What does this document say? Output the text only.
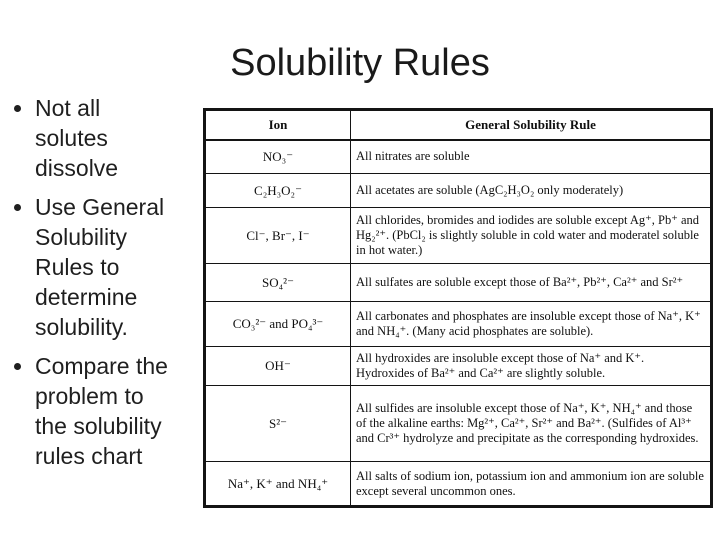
Solubility Rules
• Not all
solutes
dissolve
• Use General
Solubility
Rules to
determine
solubility.
• Compare the
problem to
the solubility
rules chart
Ion	General Solubility Rule
NO₃⁻	All nitrates are soluble
C₂H₃O₂⁻	All acetates are soluble (AgC₂H₃O₂ only moderately)
Cl⁻, Br⁻, I⁻	All chlorides, bromides and iodides are soluble except Ag⁺, Pb⁺ and Hg₂²⁺. (PbCl₂ is slightly soluble in cold water and moderatel soluble in hot water.)
SO₄²⁻	All sulfates are soluble except those of Ba²⁺, Pb²⁺, Ca²⁺ and Sr²⁺
CO₃²⁻ and PO₄³⁻	All carbonates and phosphates are insoluble except those of Na⁺, K⁺ and NH₄⁺. (Many acid phosphates are soluble).
OH⁻	All hydroxides are insoluble except those of Na⁺ and K⁺. Hydroxides of Ba²⁺ and Ca²⁺ are slightly soluble.
S²⁻	All sulfides are insoluble except those of Na⁺, K⁺, NH₄⁺ and those of the alkaline earths: Mg²⁺, Ca²⁺, Sr²⁺ and Ba²⁺. (Sulfides of Al³⁺ and Cr³⁺ hydrolyze and precipitate as the corresponding hydroxides.
Na⁺, K⁺ and NH₄⁺	All salts of sodium ion, potassium ion and ammonium ion are soluble except several uncommon ones.
